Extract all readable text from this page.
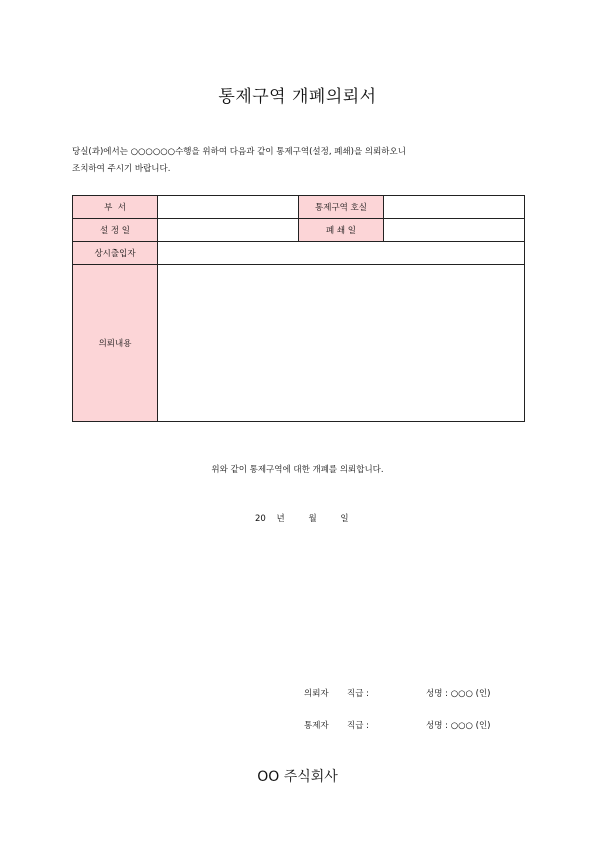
통제구역 개폐의뢰서
당실(과)에서는 ○○○○○○수행을 위하여 다음과 같이 통제구역(설정, 폐쇄)을 의뢰하오니
조치하여 주시기 바랍니다.
부  서		통제구역 호실	
설 정 일		폐 쇄 일	
상시출입자			
의뢰내용			
위와 같이 통제구역에 대한 개폐를 의뢰합니다.
20 년	월	일
의뢰자 직급 :	성명 : ○○○ (인)
통제자 직급 :	성명 : ○○○ (인)
OO 주식회사
